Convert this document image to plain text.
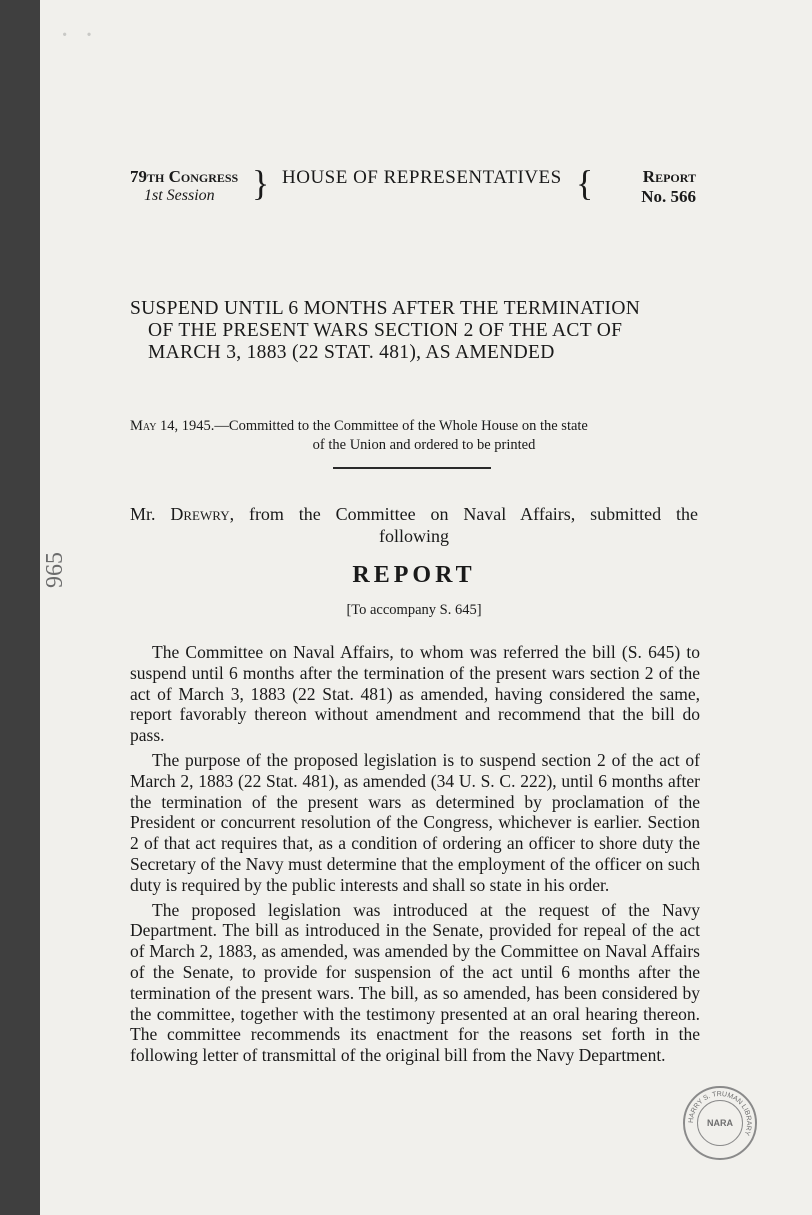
· ·
965
79th Congress
1st Session } HOUSE OF REPRESENTATIVES {	Report
No. 566
SUSPEND UNTIL 6 MONTHS AFTER THE TERMINATION
OF THE PRESENT WARS SECTION 2 OF THE ACT OF
MARCH 3, 1883 (22 STAT. 481), AS AMENDED
May 14, 1945.—Committed to the Committee of the Whole House on the state
of the Union and ordered to be printed
Mr. Drewry, from the Committee on Naval Affairs, submitted the
following
REPORT
[To accompany S. 645]

The Committee on Naval Affairs, to whom was referred the bill (S. 645) to suspend until 6 months after the termination of the present wars section 2 of the act of March 3, 1883 (22 Stat. 481) as amended, having considered the same, report favorably thereon without amendment and recommend that the bill do pass.

The purpose of the proposed legislation is to suspend section 2 of the act of March 2, 1883 (22 Stat. 481), as amended (34 U. S. C. 222), until 6 months after the termination of the present wars as determined by proclamation of the President or concurrent resolution of the Congress, whichever is earlier. Section 2 of that act requires that, as a condition of ordering an officer to shore duty the Secretary of the Navy must determine that the employment of the officer on such duty is required by the public interests and shall so state in his order.

The proposed legislation was introduced at the request of the Navy Department. The bill as introduced in the Senate, provided for repeal of the act of March 2, 1883, as amended, was amended by the Committee on Naval Affairs of the Senate, to provide for suspension of the act until 6 months after the termination of the present wars. The bill, as so amended, has been considered by the committee, together with the testimony presented at an oral hearing thereon. The committee recommends its enactment for the reasons set forth in the following letter of transmittal of the original bill from the Navy Department.

HARRY S. TRUMAN LIBRARY
NARA
